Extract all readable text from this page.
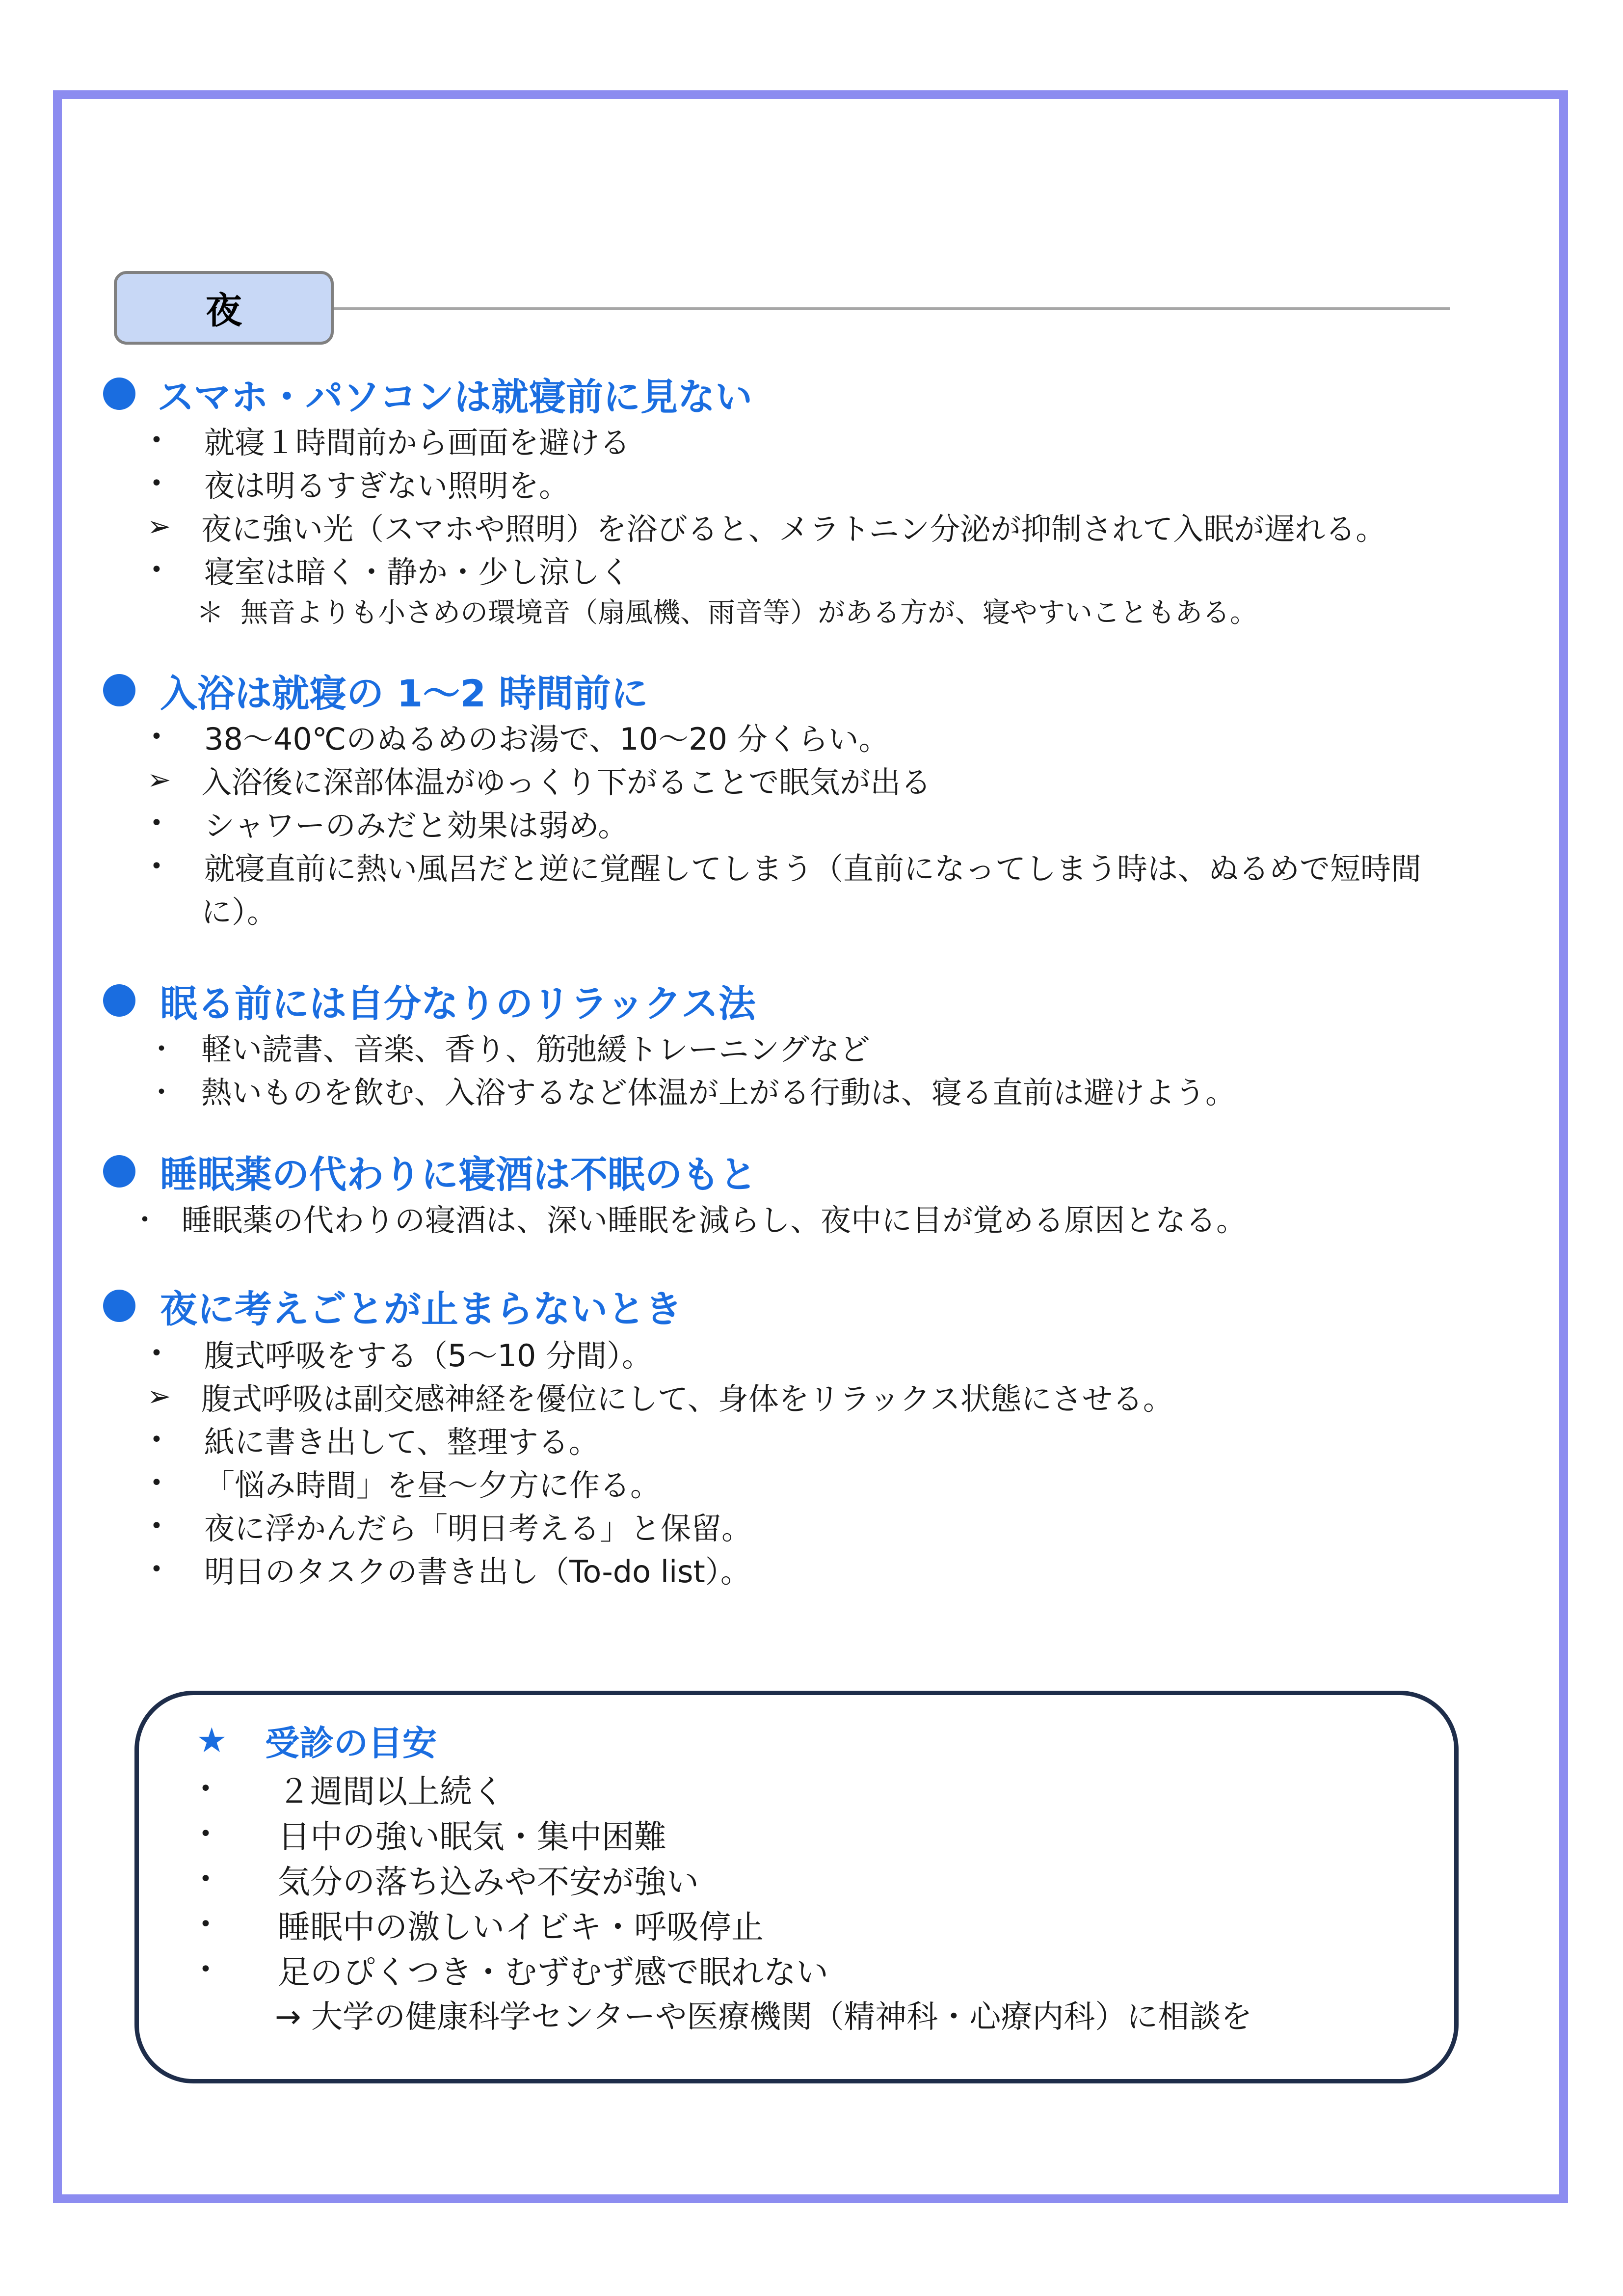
夜
スマホ・パソコンは就寝前に見ない
•	就寝１時間前から画面を避ける
•	夜は明るすぎない照明を。
➢ 夜に強い光（スマホや照明）を浴びると、メラトニン分泌が抑制されて入眠が遅れる。
•	寝室は暗く・静か・少し涼しく
＊ 無音よりも小さめの環境音（扇風機、雨音等）がある方が、寝やすいこともある。
入浴は就寝の 1〜2 時間前に
•	38〜40℃のぬるめのお湯で、10〜20 分くらい。
➢ 入浴後に深部体温がゆっくり下がることで眠気が出る
•	シャワーのみだと効果は弱め。
•	就寝直前に熱い風呂だと逆に覚醒してしまう（直前になってしまう時は、ぬるめで短時間
に）。
眠る前には自分なりのリラックス法
・ 軽い読書、音楽、香り、筋弛緩トレーニングなど
・ 熱いものを飲む、入浴するなど体温が上がる行動は、寝る直前は避けよう。
睡眠薬の代わりに寝酒は不眠のもと
・ 睡眠薬の代わりの寝酒は、深い睡眠を減らし、夜中に目が覚める原因となる。
夜に考えごとが止まらないとき
•	腹式呼吸をする（5〜10 分間）。
➢ 腹式呼吸は副交感神経を優位にして、身体をリラックス状態にさせる。
•	紙に書き出して、整理する。
•	「悩み時間」を昼〜夕方に作る。
•	夜に浮かんだら「明日考える」と保留。
•	明日のタスクの書き出し（To-do list）。
★	受診の目安
•	２週間以上続く
•	日中の強い眠気・集中困難
•	気分の落ち込みや不安が強い
•	睡眠中の激しいイビキ・呼吸停止
•	足のぴくつき・むずむず感で眠れない
→ 大学の健康科学センターや医療機関（精神科・心療内科）に相談を
